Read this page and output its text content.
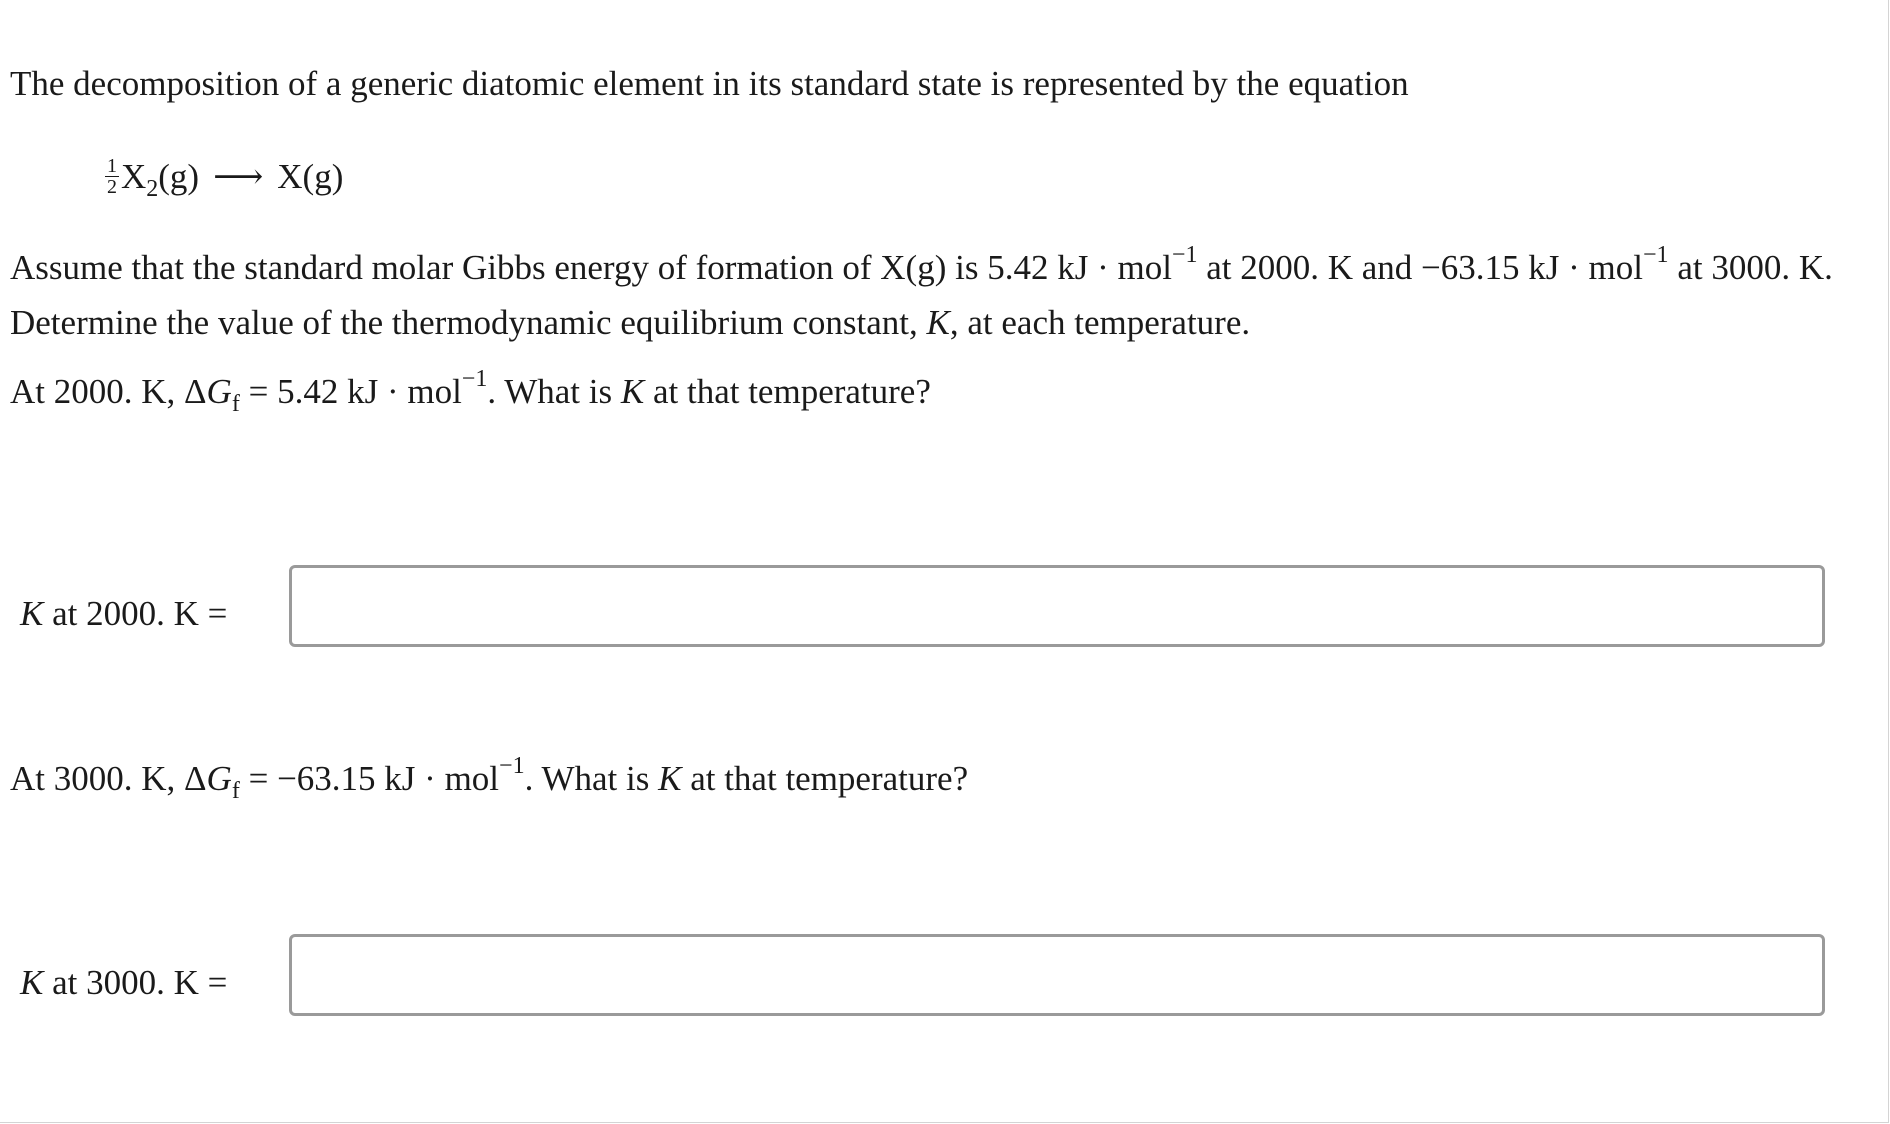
The decomposition of a generic diatomic element in its standard state is represented by the equation
$\frac{1}{2} X_2(g)$ ⟶ X(g)
Assume that the standard molar Gibbs energy of formation of X(g) is 5.42 kJ · mol$^{-1}$ at 2000. K and −63.15 kJ · mol$^{-1}$ at 3000. K. Determine the value of the thermodynamic equilibrium constant, K, at each temperature.
At 2000. K, $\Delta G_f = 5.42$ kJ · mol$^{-1}$. What is K at that temperature?
K at 2000. K =
At 3000. K, $\Delta G_f = -63.15$ kJ · mol$^{-1}$. What is K at that temperature?
K at 3000. K =
